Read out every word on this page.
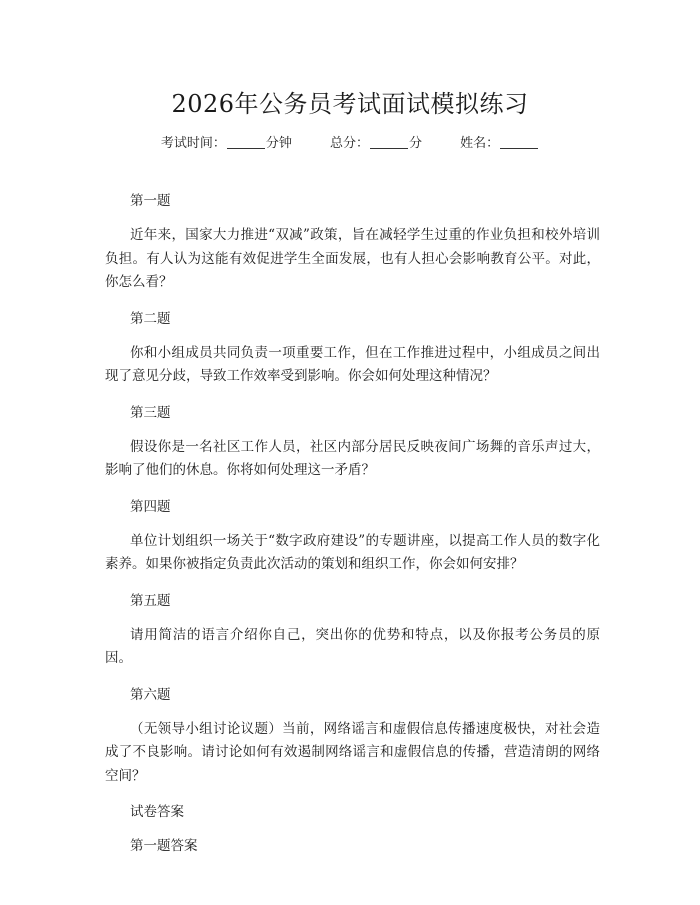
2026年公务员考试面试模拟练习
考试时间：	分钟	总分：	分	姓名：
第一题

近年来，国家大力推进“双减”政策，旨在减轻学生过重的作业负担和校外培训负担。有人认为这能有效促进学生全面发展，也有人担心会影响教育公平。对此，你怎么看？

第二题

你和小组成员共同负责一项重要工作，但在工作推进过程中，小组成员之间出现了意见分歧，导致工作效率受到影响。你会如何处理这种情况？

第三题

假设你是一名社区工作人员，社区内部分居民反映夜间广场舞的音乐声过大，影响了他们的休息。你将如何处理这一矛盾？

第四题

单位计划组织一场关于“数字政府建设”的专题讲座，以提高工作人员的数字化素养。如果你被指定负责此次活动的策划和组织工作，你会如何安排？

第五题

请用简洁的语言介绍你自己，突出你的优势和特点，以及你报考公务员的原因。

第六题

（无领导小组讨论议题）当前，网络谣言和虚假信息传播速度极快，对社会造成了不良影响。请讨论如何有效遏制网络谣言和虚假信息的传播，营造清朗的网络空间？

试卷答案
第一题答案
